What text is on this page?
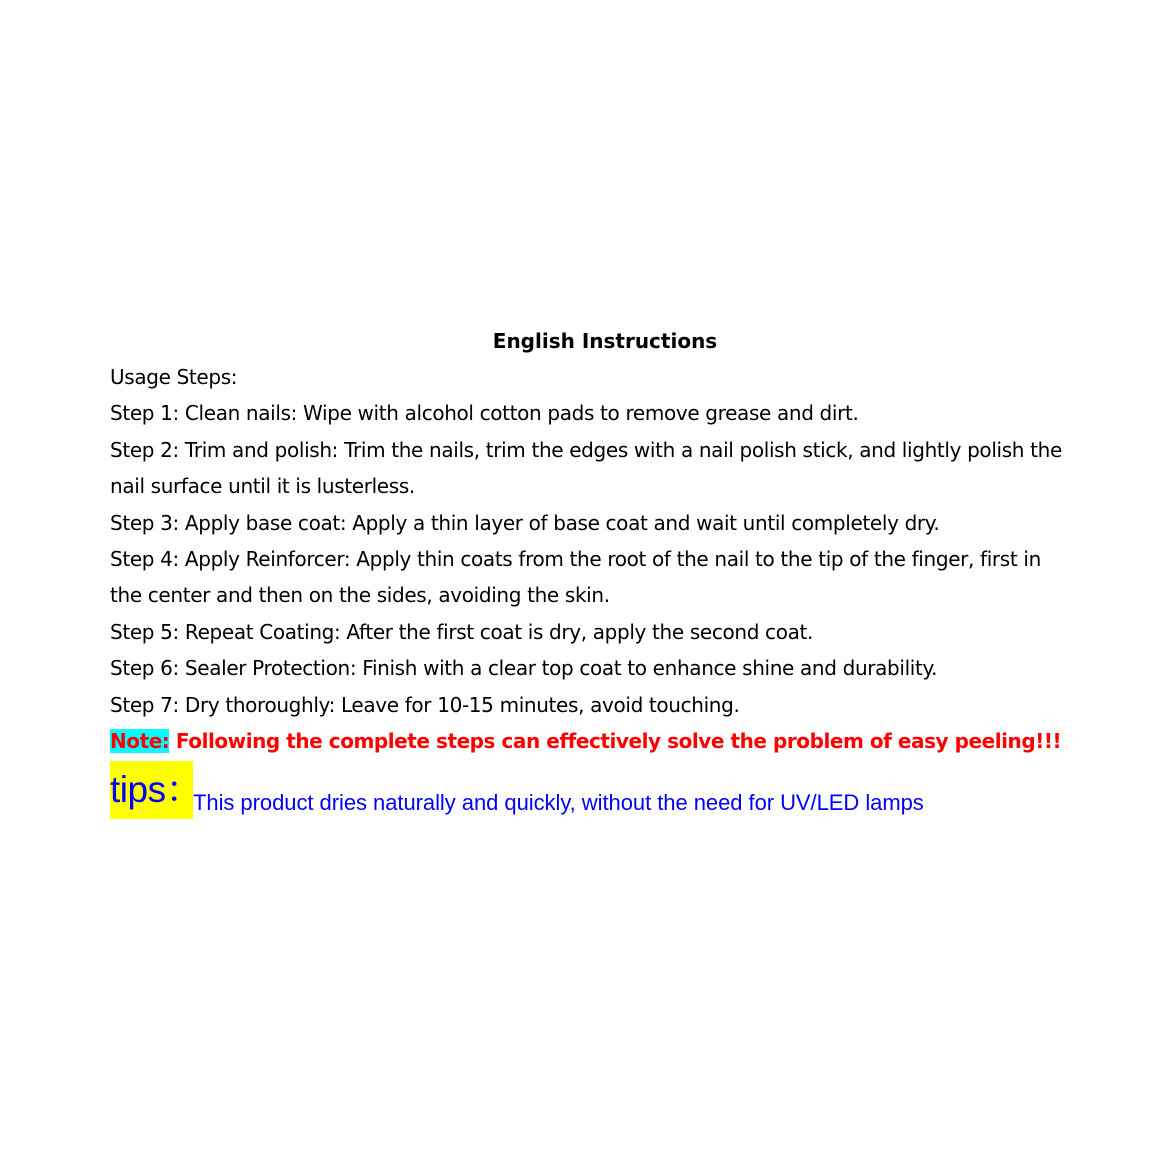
English Instructions
Usage Steps:
Step 1: Clean nails: Wipe with alcohol cotton pads to remove grease and dirt.
Step 2: Trim and polish: Trim the nails, trim the edges with a nail polish stick, and lightly polish the
nail surface until it is lusterless.
Step 3: Apply base coat: Apply a thin layer of base coat and wait until completely dry.
Step 4: Apply Reinforcer: Apply thin coats from the root of the nail to the tip of the finger, first in
the center and then on the sides, avoiding the skin.
Step 5: Repeat Coating: After the first coat is dry, apply the second coat.
Step 6: Sealer Protection: Finish with a clear top coat to enhance shine and durability.
Step 7: Dry thoroughly: Leave for 10-15 minutes, avoid touching.
Note: Following the complete steps can effectively solve the problem of easy peeling!!!
tips：This product dries naturally and quickly, without the need for UV/LED lamps
